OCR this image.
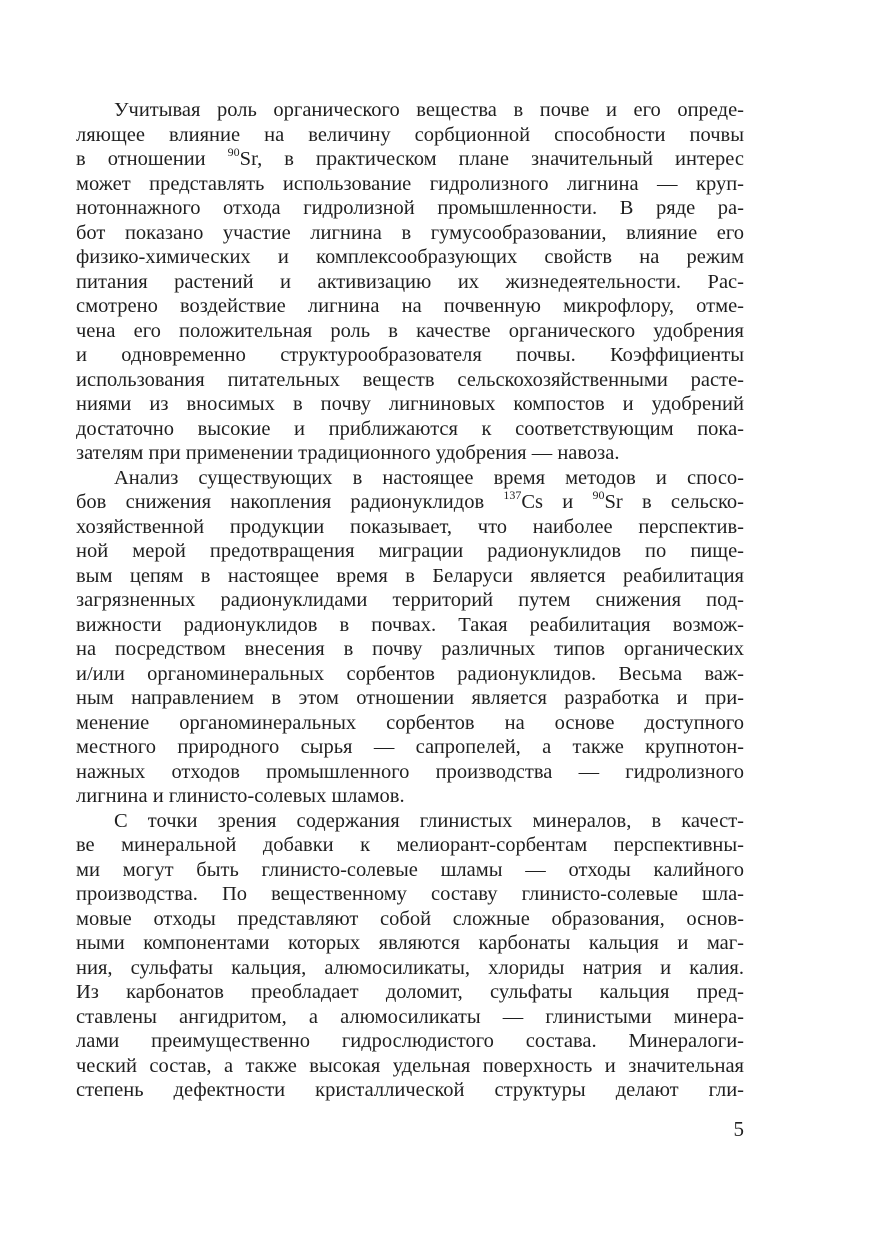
Учитывая роль органического вещества в почве и его опреде-
ляющее влияние на величину сорбционной способности почвы
в отношении $^{90}$Sr, в практическом плане значительный интерес
может представлять использование гидролизного лигнина — круп-
нотоннажного отхода гидролизной промышленности. В ряде ра-
бот показано участие лигнина в гумусообразовании, влияние его
физико-химических и комплексообразующих свойств на режим
питания растений и активизацию их жизнедеятельности. Рас-
смотрено воздействие лигнина на почвенную микрофлору, отме-
чена его положительная роль в качестве органического удобрения
и одновременно структурообразователя почвы. Коэффициенты
использования питательных веществ сельскохозяйственными расте-
ниями из вносимых в почву лигниновых компостов и удобрений
достаточно высокие и приближаются к соответствующим пока-
зателям при применении традиционного удобрения — навоза.
Анализ существующих в настоящее время методов и спосо-
бов снижения накопления радионуклидов $^{137}$Cs и $^{90}$Sr в сельско-
хозяйственной продукции показывает, что наиболее перспектив-
ной мерой предотвращения миграции радионуклидов по пище-
вым цепям в настоящее время в Беларуси является реабилитация
загрязненных радионуклидами территорий путем снижения под-
вижности радионуклидов в почвах. Такая реабилитация возмож-
на посредством внесения в почву различных типов органических
и/или органоминеральных сорбентов радионуклидов. Весьма важ-
ным направлением в этом отношении является разработка и при-
менение органоминеральных сорбентов на основе доступного
местного природного сырья — сапропелей, а также крупнотон-
нажных отходов промышленного производства — гидролизного
лигнина и глинисто-солевых шламов.
С точки зрения содержания глинистых минералов, в качест-
ве минеральной добавки к мелиорант-сорбентам перспективны-
ми могут быть глинисто-солевые шламы — отходы калийного
производства. По вещественному составу глинисто-солевые шла-
мовые отходы представляют собой сложные образования, основ-
ными компонентами которых являются карбонаты кальция и маг-
ния, сульфаты кальция, алюмосиликаты, хлориды натрия и калия.
Из карбонатов преобладает доломит, сульфаты кальция пред-
ставлены ангидритом, а алюмосиликаты — глинистыми минера-
лами преимущественно гидрослюдистого состава. Минералоги-
ческий состав, а также высокая удельная поверхность и значительная
степень дефектности кристаллической структуры делают гли-
5
